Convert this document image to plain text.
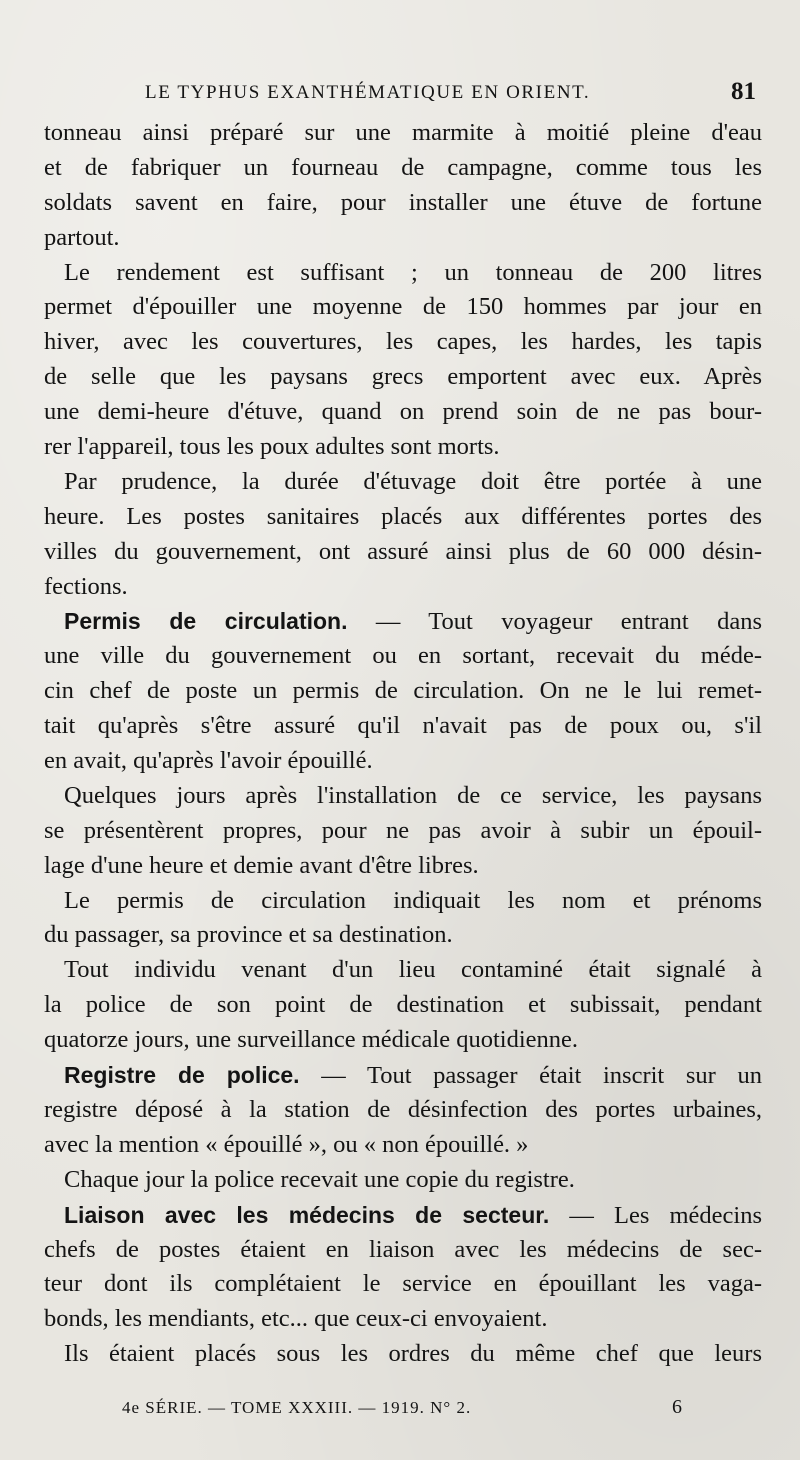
LE TYPHUS EXANTHÉMATIQUE EN ORIENT.	81

tonneau ainsi préparé sur une marmite à moitié pleine d'eau
et de fabriquer un fourneau de campagne, comme tous les
soldats savent en faire, pour installer une étuve de fortune
partout.

Le rendement est suffisant ; un tonneau de 200 litres
permet d'épouiller une moyenne de 150 hommes par jour en
hiver, avec les couvertures, les capes, les hardes, les tapis
de selle que les paysans grecs emportent avec eux. Après
une demi-heure d'étuve, quand on prend soin de ne pas bour-
rer l'appareil, tous les poux adultes sont morts.

Par prudence, la durée d'étuvage doit être portée à une
heure. Les postes sanitaires placés aux différentes portes des
villes du gouvernement, ont assuré ainsi plus de 60 000 désin-
fections.

Permis de circulation. — Tout voyageur entrant dans
une ville du gouvernement ou en sortant, recevait du méde-
cin chef de poste un permis de circulation. On ne le lui remet-
tait qu'après s'être assuré qu'il n'avait pas de poux ou, s'il
en avait, qu'après l'avoir épouillé.

Quelques jours après l'installation de ce service, les paysans
se présentèrent propres, pour ne pas avoir à subir un épouil-
lage d'une heure et demie avant d'être libres.

Le permis de circulation indiquait les nom et prénoms
du passager, sa province et sa destination.

Tout individu venant d'un lieu contaminé était signalé à
la police de son point de destination et subissait, pendant
quatorze jours, une surveillance médicale quotidienne.

Registre de police. — Tout passager était inscrit sur un
registre déposé à la station de désinfection des portes urbaines,
avec la mention « épouillé », ou « non épouillé. »

Chaque jour la police recevait une copie du registre.

Liaison avec les médecins de secteur. — Les médecins
chefs de postes étaient en liaison avec les médecins de sec-
teur dont ils complétaient le service en épouillant les vaga-
bonds, les mendiants, etc... que ceux-ci envoyaient.

Ils étaient placés sous les ordres du même chef que leurs

4e SÉRIE. — TOME XXXIII. — 1919. N° 2.	6
